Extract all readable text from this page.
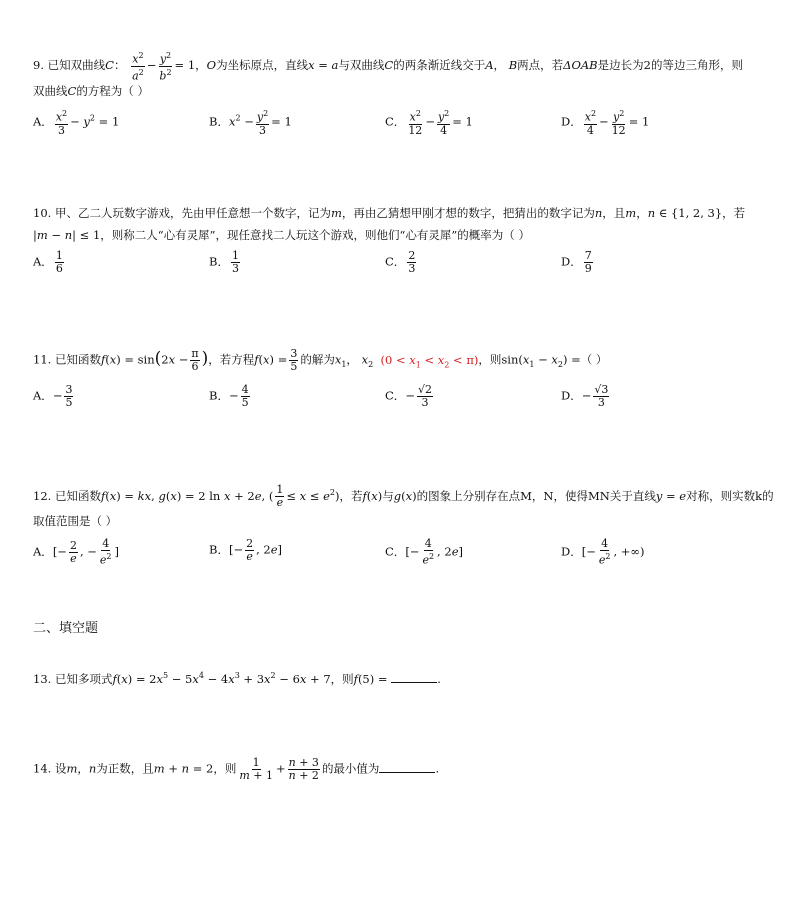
9. 已知双曲线C： $\frac{x^2}{a^2} - \frac{y^2}{b^2} = 1$，O为坐标原点，直线x = a与双曲线C的两条渐近线交于A， B两点，若ΔOAB是边长为2的等边三角形，则
双曲线C的方程为（ ）
A． $\frac{x^2}{3} - y^2 = 1$	B．$x^2 - \frac{y^2}{3} = 1$	C． $\frac{x^2}{12} - \frac{y^2}{4} = 1$	D． $\frac{x^2}{4} - \frac{y^2}{12} = 1$
10. 甲、乙二人玩数字游戏，先由甲任意想一个数字，记为m，再由乙猜想甲刚才想的数字，把猜出的数字记为n，且m，n ∈ {1, 2, 3}，若
|m − n| ≤ 1，则称二人“心有灵犀”，现任意找二人玩这个游戏，则他们“心有灵犀”的概率为（ ）
A． $\frac{1}{6}$	B． $\frac{1}{3}$	C． $\frac{2}{3}$	D． $\frac{7}{9}$
11. 已知函数$f(x) = \sin(2x - \frac{\pi}{6}$ )，若方程$f(x) = \frac{3}{5}$ 的解为$x_1$， $x_2$ $(0 < x_1 < x_2 < \pi)$，则$\sin(x_1 - x_2)$ =（ ）
A．− $\frac{3}{5}$	B．− $\frac{4}{5}$	C．− $\frac{√2}{3}$	D．− $\frac{√3}{3}$
12. 已知函数f(x) = kx, g(x) = 2 ln x + 2e, ( $\frac{1}{e} \le x \le e^2$)，若f(x)与g(x)的图象上分别存在点M，N，使得MN关于直线y = e对称，则实数k的
取值范围是（ ）
A．[− $\frac{2}{e}$ , − $\frac{4}{e^2}$ ]	B．[− $\frac{2}{e}$ , 2e]	C．[− $\frac{4}{e^2}$ , 2e]	D．[− $\frac{4}{e^2}$ , +∞)
二、填空题
13. 已知多项式$f(x) = 2x^5 - 5x^4 - 4x^3 + 3x^2 - 6x + 7$，则f(5) =	.
14. 设m，n为正数，且m + n = 2，则 $\frac{1}{m + 1} + \frac{n + 3}{n + 2}$ 的最小值为	.
